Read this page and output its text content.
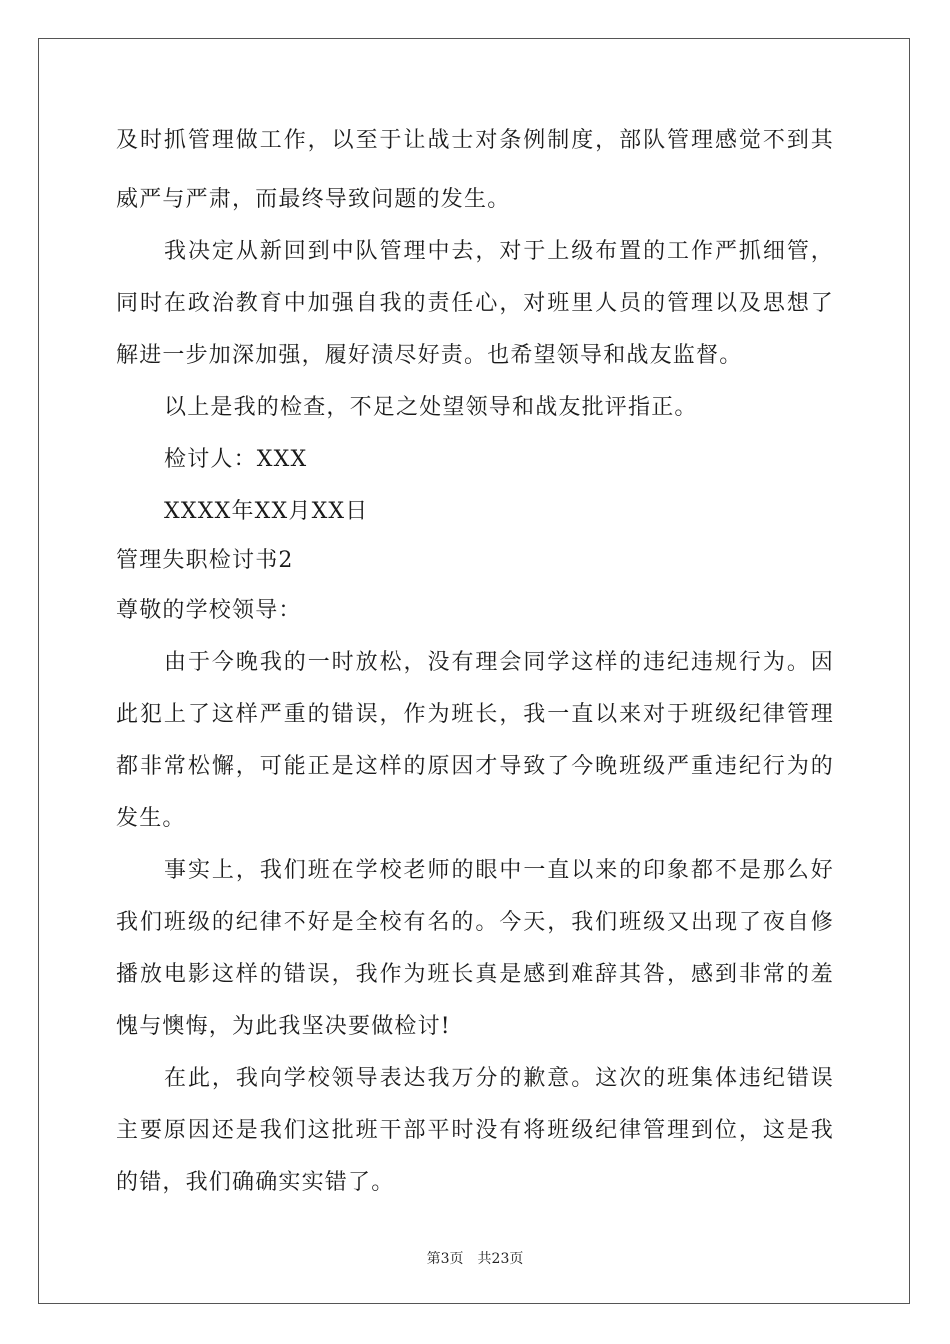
及时抓管理做工作，以至于让战士对条例制度，部队管理感觉不到其
威严与严肃，而最终导致问题的发生。
我决定从新回到中队管理中去，对于上级布置的工作严抓细管，
同时在政治教育中加强自我的责任心，对班里人员的管理以及思想了
解进一步加深加强，履好渍尽好责。也希望领导和战友监督。
以上是我的检查，不足之处望领导和战友批评指正。
检讨人：XXX
XXXX年XX月XX日
管理失职检讨书2
尊敬的学校领导：
由于今晚我的一时放松，没有理会同学这样的违纪违规行为。因
此犯上了这样严重的错误，作为班长，我一直以来对于班级纪律管理
都非常松懈，可能正是这样的原因才导致了今晚班级严重违纪行为的
发生。
事实上，我们班在学校老师的眼中一直以来的印象都不是那么好
我们班级的纪律不好是全校有名的。今天，我们班级又出现了夜自修
播放电影这样的错误，我作为班长真是感到难辞其咎，感到非常的羞
愧与懊悔，为此我坚决要做检讨!
在此，我向学校领导表达我万分的歉意。这次的班集体违纪错误
主要原因还是我们这批班干部平时没有将班级纪律管理到位，这是我
的错，我们确确实实错了。
第3页 共23页
